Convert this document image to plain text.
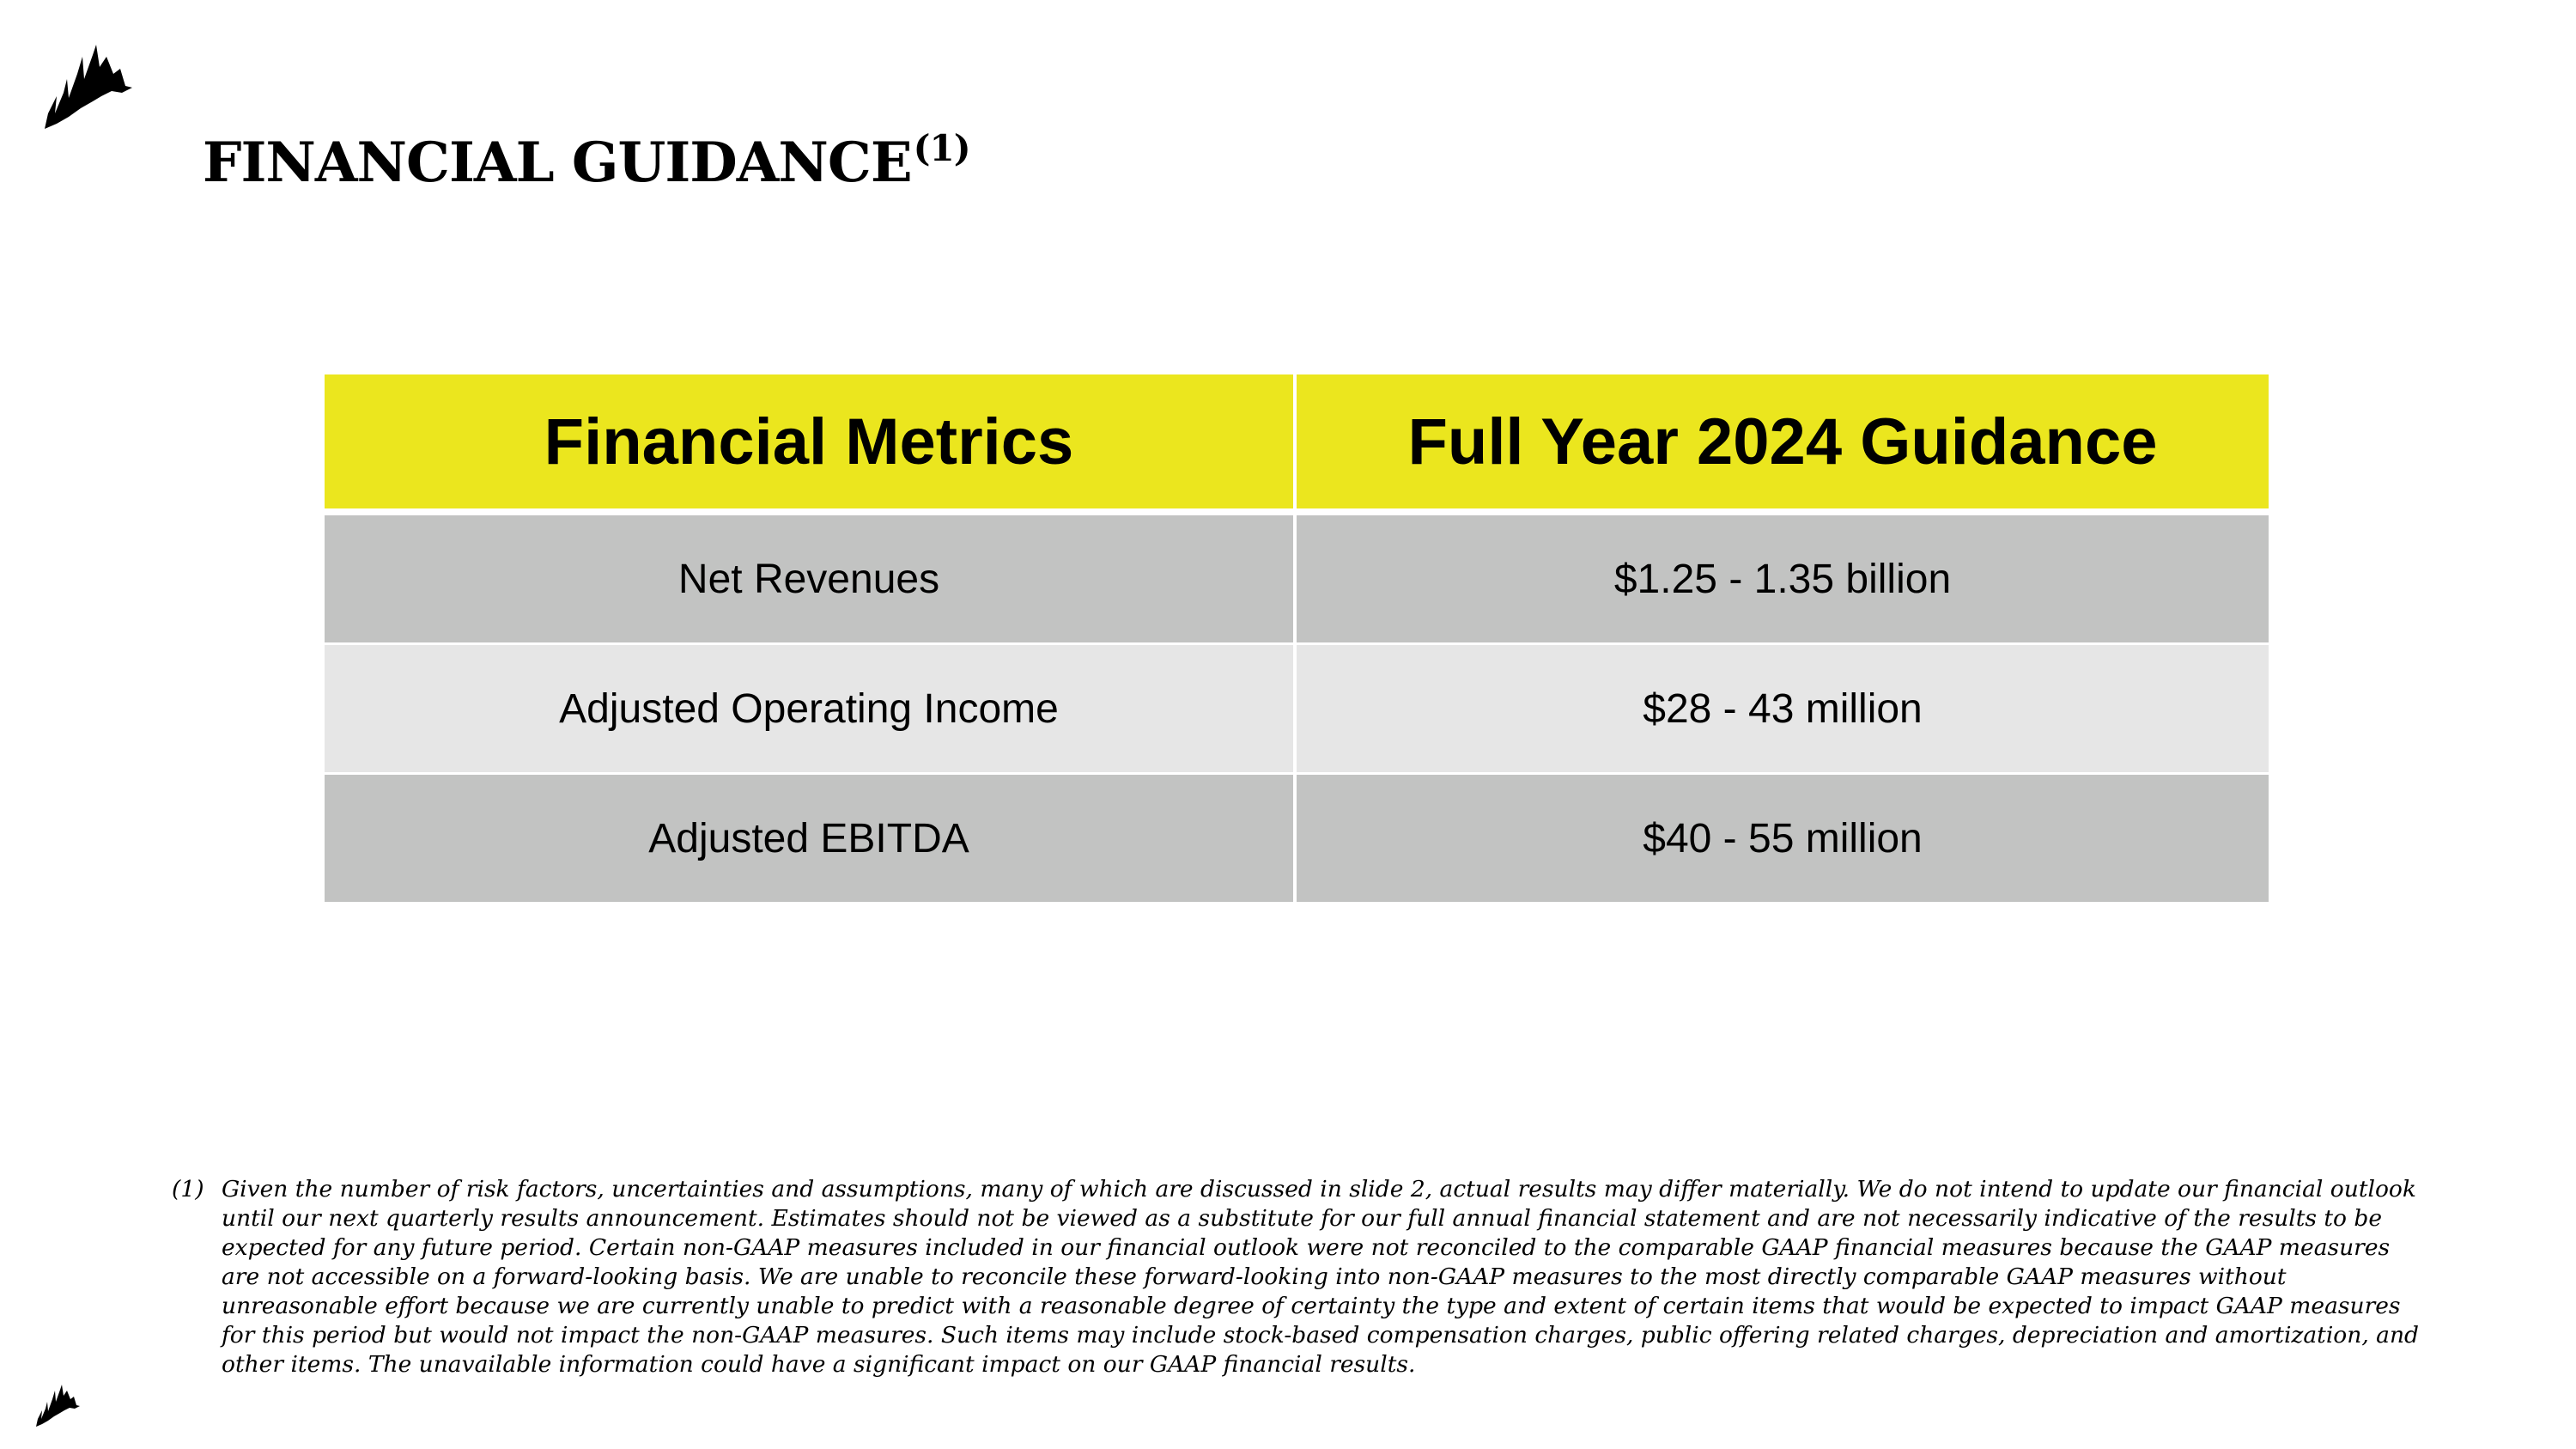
FINANCIAL GUIDANCE$^{(1)}$
Financial Metrics	Full Year 2024 Guidance
Net Revenues	$1.25 - 1.35 billion
Adjusted Operating Income	$28 - 43 million
Adjusted EBITDA	$40 - 55 million
(1) Given the number of risk factors, uncertainties and assumptions, many of which are discussed in slide 2, actual results may differ materially. We do not intend to update our financial outlook until our next quarterly results announcement. Estimates should not be viewed as a substitute for our full annual financial statement and are not necessarily indicative of the results to be expected for any future period. Certain non-GAAP measures included in our financial outlook were not reconciled to the comparable GAAP financial measures because the GAAP measures are not accessible on a forward-looking basis. We are unable to reconcile these forward-looking into non-GAAP measures to the most directly comparable GAAP measures without unreasonable effort because we are currently unable to predict with a reasonable degree of certainty the type and extent of certain items that would be expected to impact GAAP measures for this period but would not impact the non-GAAP measures. Such items may include stock-based compensation charges, public offering related charges, depreciation and amortization, and other items. The unavailable information could have a significant impact on our GAAP financial results.
